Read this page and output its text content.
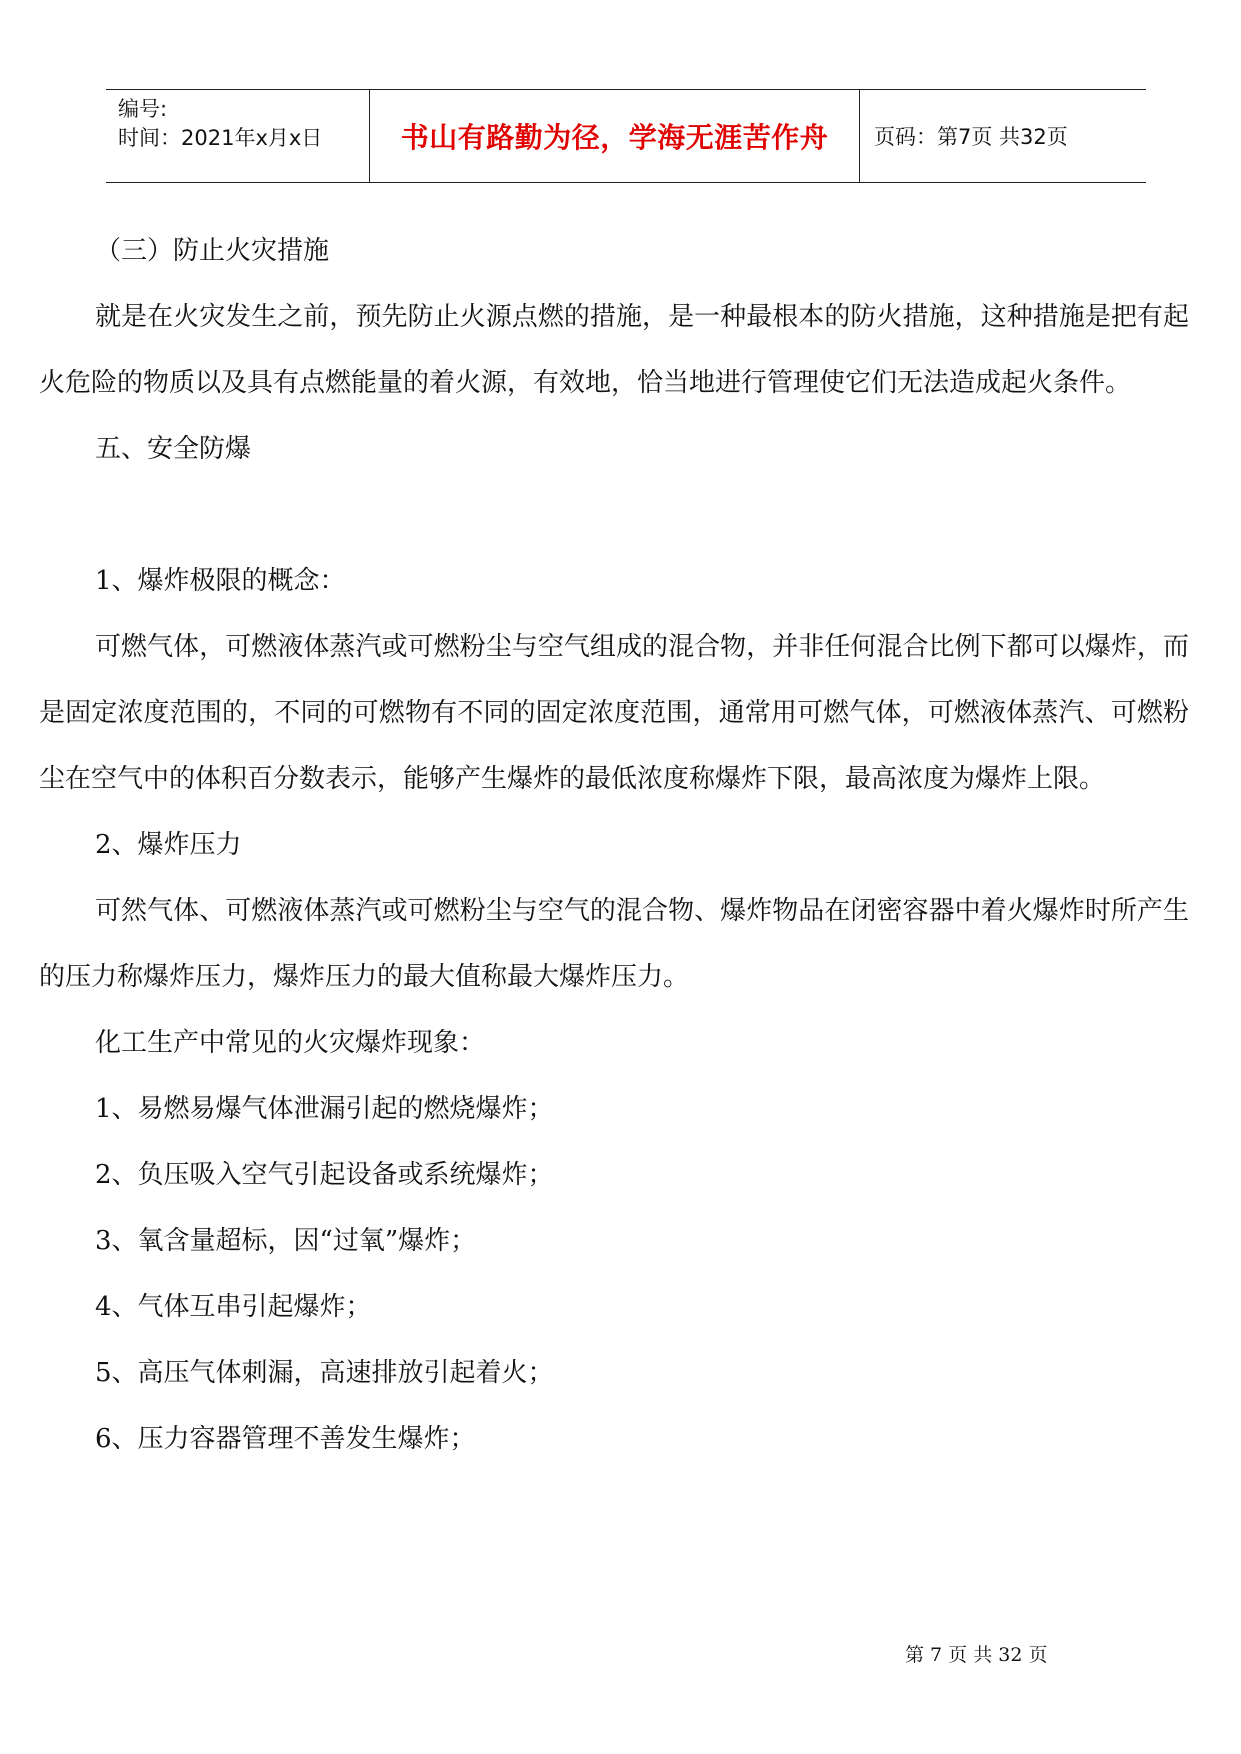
编号:
时间：2021年x月x日	书山有路勤为径，学海无涯苦作舟	页码：第7页 共32页

（三）防止火灾措施

就是在火灾发生之前，预先防止火源点燃的措施，是一种最根本的防火措施，这种措施是把有起火危险的物质以及具有点燃能量的着火源，有效地，恰当地进行管理使它们无法造成起火条件。

五、安全防爆

1、爆炸极限的概念：

可燃气体，可燃液体蒸汽或可燃粉尘与空气组成的混合物，并非任何混合比例下都可以爆炸，而是固定浓度范围的，不同的可燃物有不同的固定浓度范围，通常用可燃气体，可燃液体蒸汽、可燃粉尘在空气中的体积百分数表示，能够产生爆炸的最低浓度称爆炸下限，最高浓度为爆炸上限。

2、爆炸压力

可然气体、可燃液体蒸汽或可燃粉尘与空气的混合物、爆炸物品在闭密容器中着火爆炸时所产生的压力称爆炸压力，爆炸压力的最大值称最大爆炸压力。

化工生产中常见的火灾爆炸现象：

1、易燃易爆气体泄漏引起的燃烧爆炸；

2、负压吸入空气引起设备或系统爆炸；

3、氧含量超标，因“过氧”爆炸；

4、气体互串引起爆炸；

5、高压气体刺漏，高速排放引起着火；

6、压力容器管理不善发生爆炸；

第 7 页 共 32 页
